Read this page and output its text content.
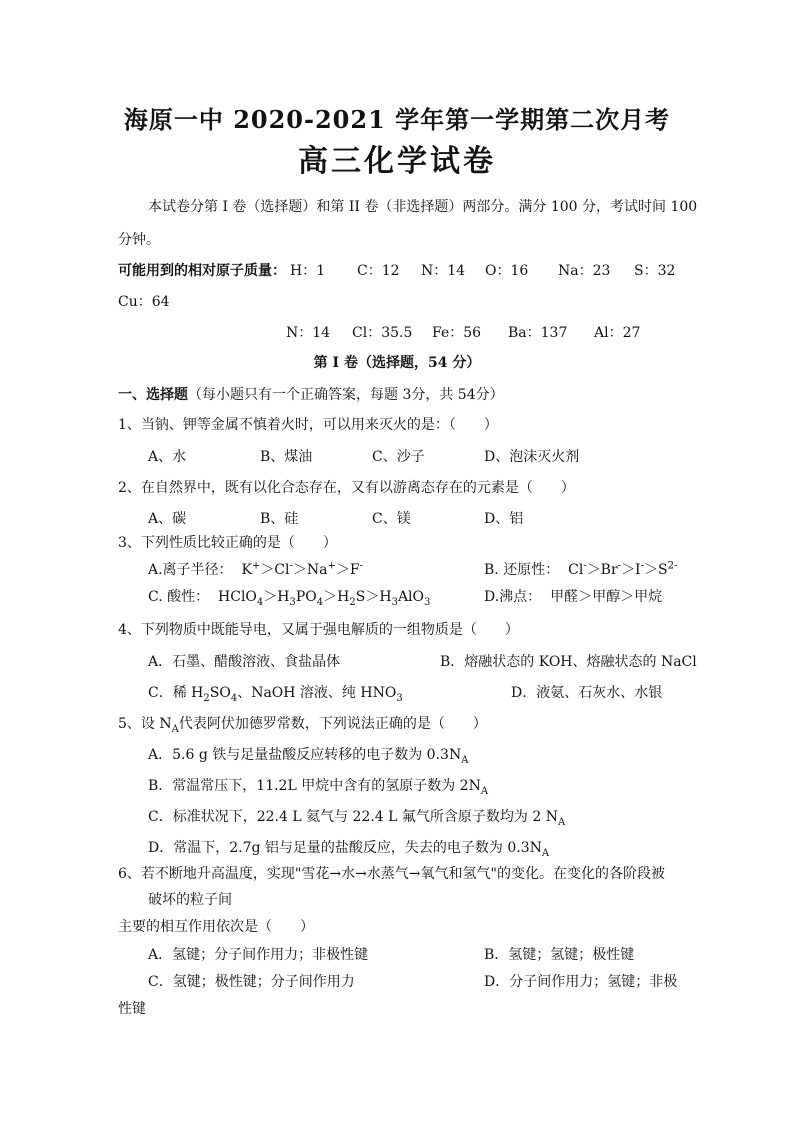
海原一中 2020-2021 学年第一学期第二次月考
高三化学试卷
本试卷分第 I 卷（选择题）和第 II 卷（非选择题）两部分。满分 100 分，考试时间 100
分钟。
可能用到的相对原子质量： H：1 C：12 N：14 O：16 Na：23 S：32
Cu：64
N：14 Cl：35.5 Fe：56 Ba：137 Al：27
第 I 卷（选择题，54 分）
一、选择题（每小题只有一个正确答案，每题 3分，共 54分）
1、当钠、钾等金属不慎着火时，可以用来灭火的是：（　　）
A、水	B、煤油	C、沙子	D、泡沫灭火剂
2、在自然界中，既有以化合态存在，又有以游离态存在的元素是（　　）
A、碳	B、硅	C、镁	D、铝
3、下列性质比较正确的是（　　）
A.离子半径：  K+＞Cl-＞Na+＞F-	B. 还原性：  $Cl^->Br^->I^->S^{2-}$
C. 酸性：  $HClO_4>H_3PO_4>H_2S>H_3AlO_3$	D.沸点： 甲醛＞甲醇＞甲烷
4、下列物质中既能导电，又属于强电解质的一组物质是（　　）
A．石墨、醋酸溶液、食盐晶体	B．熔融状态的 KOH、熔融状态的 NaCl
C．稀 $H_2SO_4$、NaOH 溶液、纯 $HNO_3$	D．液氨、石灰水、水银
5、设 $N_A$代表阿伏加德罗常数，下列说法正确的是（　　）
A．5.6 g 铁与足量盐酸反应转移的电子数为 $0.3N_A$
B．常温常压下，11.2L 甲烷中含有的氢原子数为 $2N_A$
C．标准状况下，22.4 L 氦气与 22.4 L 氟气所含原子数均为 2 $N_A$
D．常温下，2.7g 铝与足量的盐酸反应，失去的电子数为 $0.3N_A$
6、若不断地升高温度，实现"雪花→水→水蒸气→氧气和氢气"的变化。在变化的各阶段被
破坏的粒子间
主要的相互作用依次是（　　）
A．氢键；分子间作用力；非极性键	B．氢键；氢键；极性键
C．氢键；极性键；分子间作用力	D．分子间作用力；氢键；非极
性键
